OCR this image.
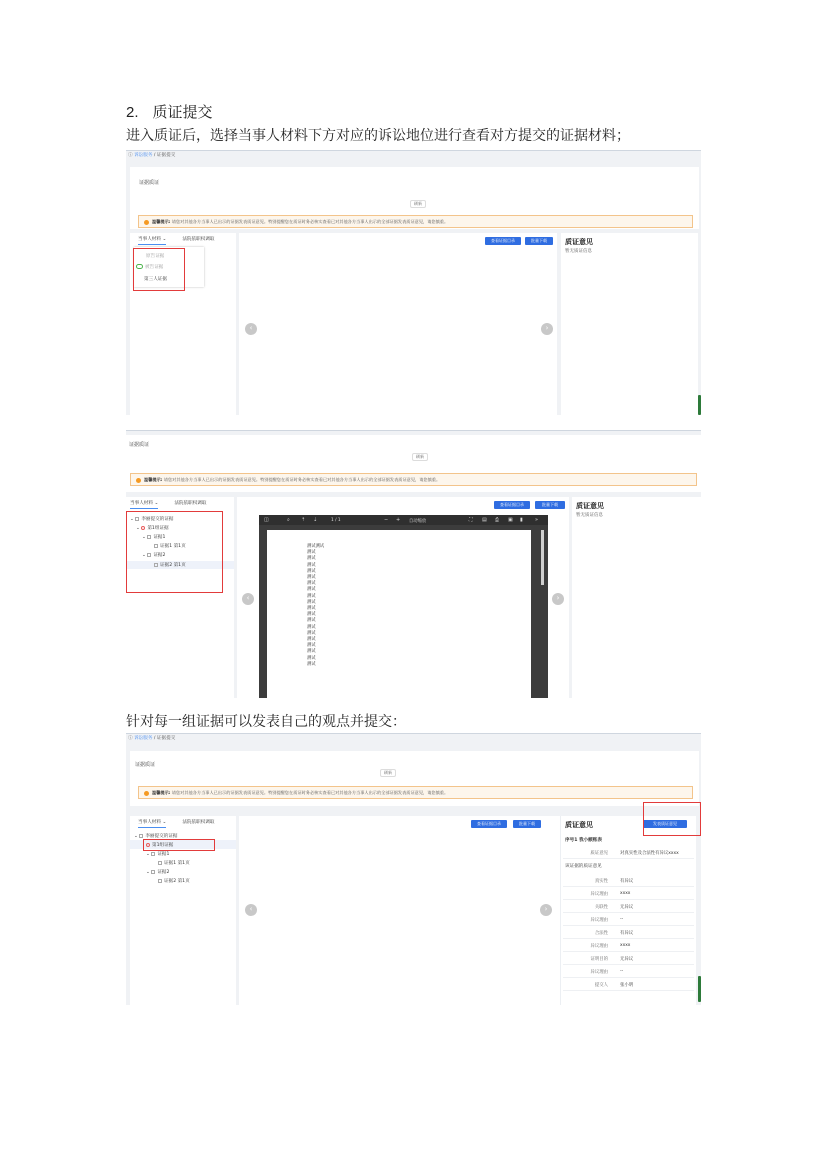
2. 质证提交
进入质证后，选择当事人材料下方对应的诉讼地位进行查看对方提交的证据材料；
ⓘ 诉讼服务 / 证据提交
证据质证
刷新
温馨提示: 请您对其他各方当事人已出示的证据发表质证意见。特别提醒您在质证时务必核实查看已对其他各方当事人出示的全部证据发表质证意见，请您慎重。
当事人材料 ⌄	法院依职权调取
原告证据
被告证据
第三人证据
查看证据目录	批量下载
‹	›
质证意见
暂无质证信息
证据质证
刷新
温馨提示: 请您对其他各方当事人已出示的证据发表质证意见。特别提醒您在质证时务必核实查看已对其他各方当事人出示的全部证据发表质证意见，请您慎重。
当事人材料 ⌄	法院依职权调取
⌄ 李丽提交的证据
⌄ 第1组证据
⌄ 证据1
证据1 第1页
⌄ 证据2
证据2 第1页
查看证据目录	批量下载
‹	›
◫	⌕ ⇡ ⇣	1 / 1	− + 自动缩放	⛶ ▤ ⎙ ▣ ▮ »
测试测试
测试
测试
测试
测试
测试
测试
测试
测试
测试
测试
测试
测试
测试
测试
测试
测试
测试
测试
测试
质证意见
暂无质证信息
针对每一组证据可以发表自己的观点并提交：
ⓘ 诉讼服务 / 证据提交
证据质证
刷新
温馨提示: 请您对其他各方当事人已出示的证据发表质证意见。特别提醒您在质证时务必核实查看已对其他各方当事人出示的全部证据发表质证意见，请您慎重。
当事人材料 ⌄	法院依职权调取
⌄ 李丽提交的证据
第1组证据
⌄ 证据1
证据1 第1页
⌄ 证据2
证据2 第1页
查看证据目录	批量下载
‹	›
质证意见	发表质证意见
序号1 我小额账表
质证意见	对真实性及合法性有异议xxxx
该证据的质证意见
真实性	有异议
异议理由	xxxx
关联性	无异议
异议理由	--
合法性	有异议
异议理由	xxxx
证明目的	无异议
异议理由	--
提交人	张小明
